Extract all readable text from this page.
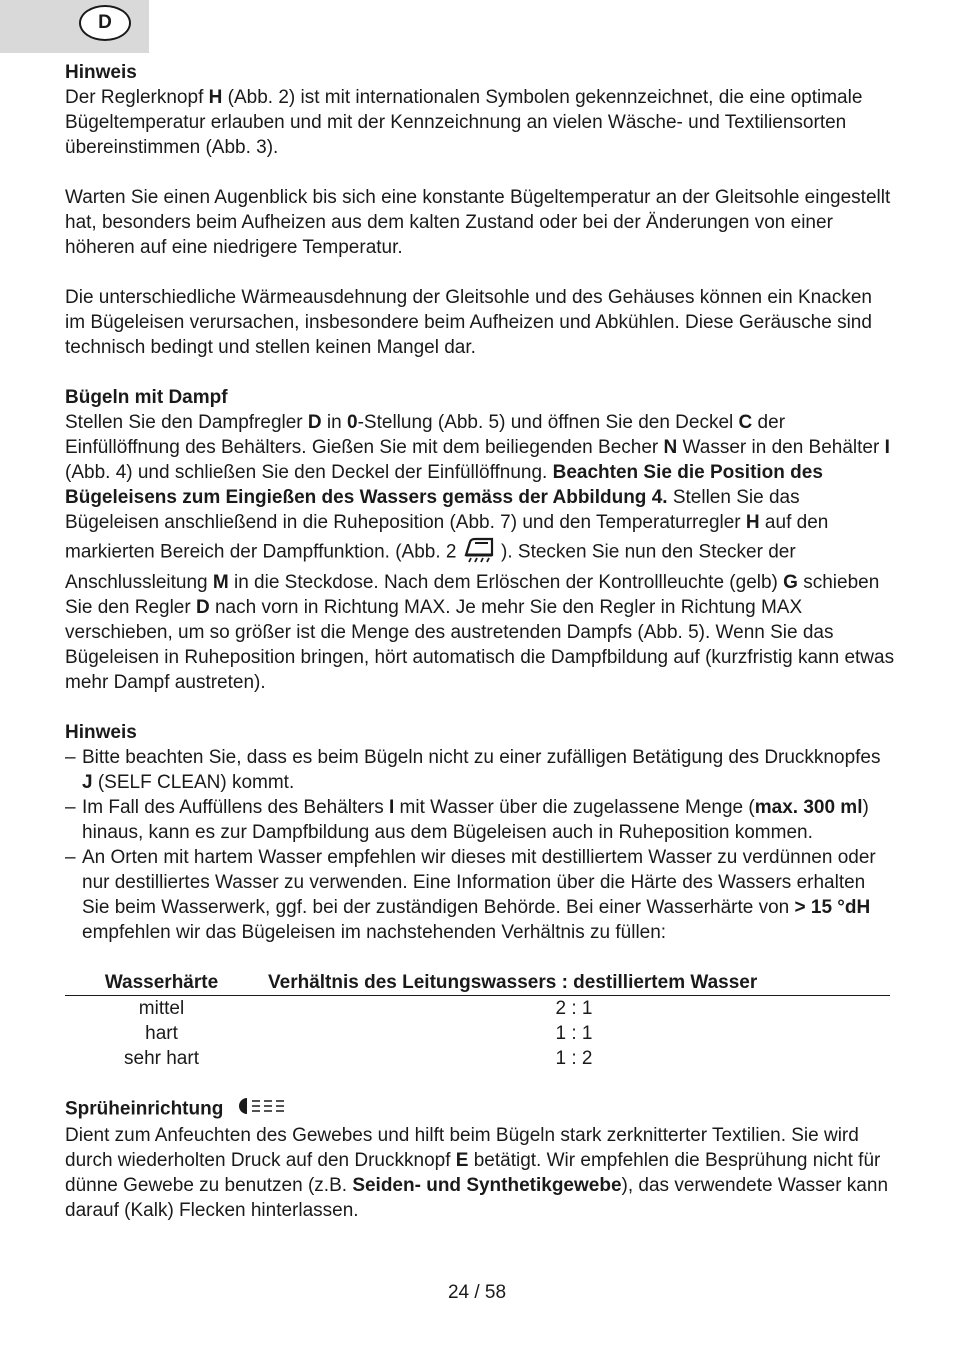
D

Hinweis

Der Reglerknopf H (Abb. 2) ist mit internationalen Symbolen gekennzeichnet, die eine optimale Bügeltemperatur erlauben und mit der Kennzeichnung an vielen Wäsche- und Textiliensorten übereinstimmen (Abb. 3).

Warten Sie einen Augenblick bis sich eine konstante Bügeltemperatur an der Gleitsohle eingestellt hat, besonders beim Aufheizen aus dem kalten Zustand oder bei der Änderungen von einer höheren auf eine niedrigere Temperatur.

Die unterschiedliche Wärmeausdehnung der Gleitsohle und des Gehäuses können ein Knacken im Bügeleisen verursachen, insbesondere beim Aufheizen und Abkühlen. Diese Geräusche sind technisch bedingt und stellen keinen Mangel dar.

Bügeln mit Dampf

Stellen Sie den Dampfregler D in 0-Stellung (Abb. 5) und öffnen Sie den Deckel C der Einfüllöffnung des Behälters. Gießen Sie mit dem beiliegenden Becher N Wasser in den Behälter I (Abb. 4) und schließen Sie den Deckel der Einfüllöffnung. Beachten Sie die Position des Bügeleisens zum Eingießen des Wassers gemäss der Abbildung 4. Stellen Sie das Bügeleisen anschließend in die Ruheposition (Abb. 7) und den Temperaturregler H auf den markierten Bereich der Dampffunktion. (Abb. 2  ). Stecken Sie nun den Stecker der Anschlussleitung M in die Steckdose. Nach dem Erlöschen der Kontrollleuchte (gelb) G schieben Sie den Regler D nach vorn in Richtung MAX. Je mehr Sie den Regler in Richtung MAX verschieben, um so größer ist die Menge des austretenden Dampfs (Abb. 5). Wenn Sie das Bügeleisen in Ruheposition bringen, hört automatisch die Dampfbildung auf (kurzfristig kann etwas mehr Dampf austreten).

Hinweis

– Bitte beachten Sie, dass es beim Bügeln nicht zu einer zufälligen Betätigung des Druckknopfes J (SELF CLEAN) kommt.
– Im Fall des Auffüllens des Behälters I mit Wasser über die zugelassene Menge (max. 300 ml) hinaus, kann es zur Dampfbildung aus dem Bügeleisen auch in Ruheposition kommen.
– An Orten mit hartem Wasser empfehlen wir dieses mit destilliertem Wasser zu verdünnen oder nur destilliertes Wasser zu verwenden. Eine Information über die Härte des Wassers erhalten Sie beim Wasserwerk, ggf. bei der zuständigen Behörde. Bei einer Wasserhärte von > 15 °dH empfehlen wir das Bügeleisen im nachstehenden Verhältnis zu füllen:
Wasserhärte	Verhältnis des Leitungswassers : destilliertem Wasser
mittel	2 : 1
hart	1 : 1
sehr hart	1 : 2

Sprüheinrichtung

Dient zum Anfeuchten des Gewebes und hilft beim Bügeln stark zerknitterter Textilien. Sie wird durch wiederholten Druck auf den Druckknopf E betätigt. Wir empfehlen die Besprühung nicht für dünne Gewebe zu benutzen (z.B. Seiden- und Synthetikgewebe), das verwendete Wasser kann darauf (Kalk) Flecken hinterlassen.

24 / 58
